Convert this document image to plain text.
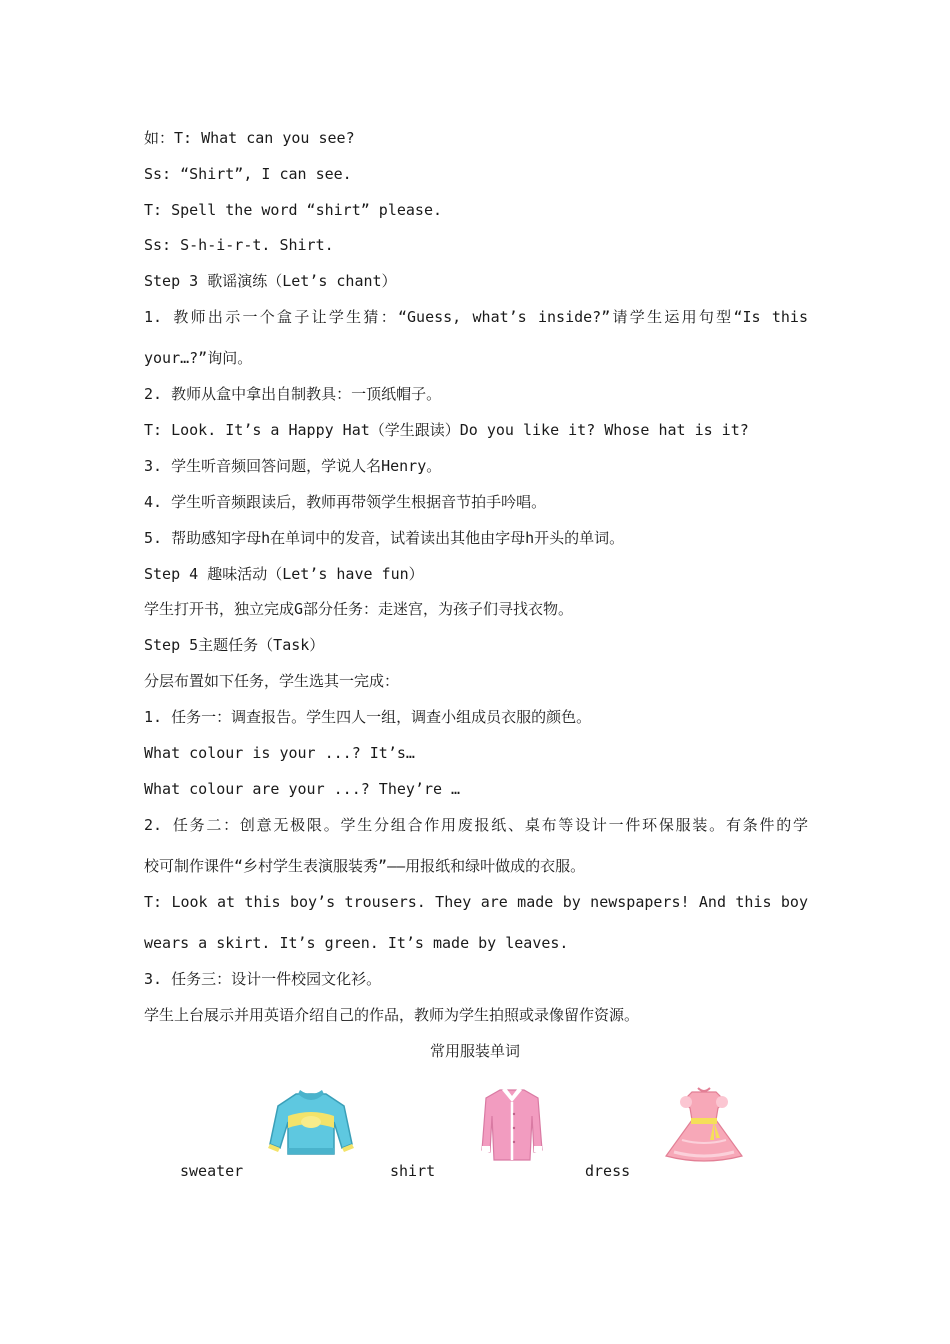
如：T: What can you see?
Ss: “Shirt”, I can see.
T: Spell the word “shirt” please.
Ss: S-h-i-r-t. Shirt.
Step 3 歌谣演练（Let’s chant）
1. 教师出示一个盒子让学生猜：“Guess, what’s inside?”请学生运用句型“Is this
your…?”询问。
2. 教师从盒中拿出自制教具：一顶纸帽子。
T: Look. It’s a Happy Hat（学生跟读）Do you like it? Whose hat is it?
3. 学生听音频回答问题，学说人名Henry。
4. 学生听音频跟读后，教师再带领学生根据音节拍手吟唱。
5. 帮助感知字母h在单词中的发音，试着读出其他由字母h开头的单词。
Step 4 趣味活动（Let’s have fun）
学生打开书，独立完成G部分任务：走迷宫，为孩子们寻找衣物。
Step 5主题任务（Task）
分层布置如下任务，学生选其一完成：
1. 任务一：调查报告。学生四人一组，调查小组成员衣服的颜色。
What colour is your ...? It’s…
What colour are your ...? They’re …
2. 任务二：创意无极限。学生分组合作用废报纸、桌布等设计一件环保服装。有条件的学
校可制作课件“乡村学生表演服装秀”——用报纸和绿叶做成的衣服。
T: Look at this boy’s trousers. They are made by newspapers! And this boy
wears a skirt. It’s green. It’s made by leaves.
3. 任务三：设计一件校园文化衫。
学生上台展示并用英语介绍自己的作品，教师为学生拍照或录像留作资源。
常用服装单词
sweater	shirt	dress
